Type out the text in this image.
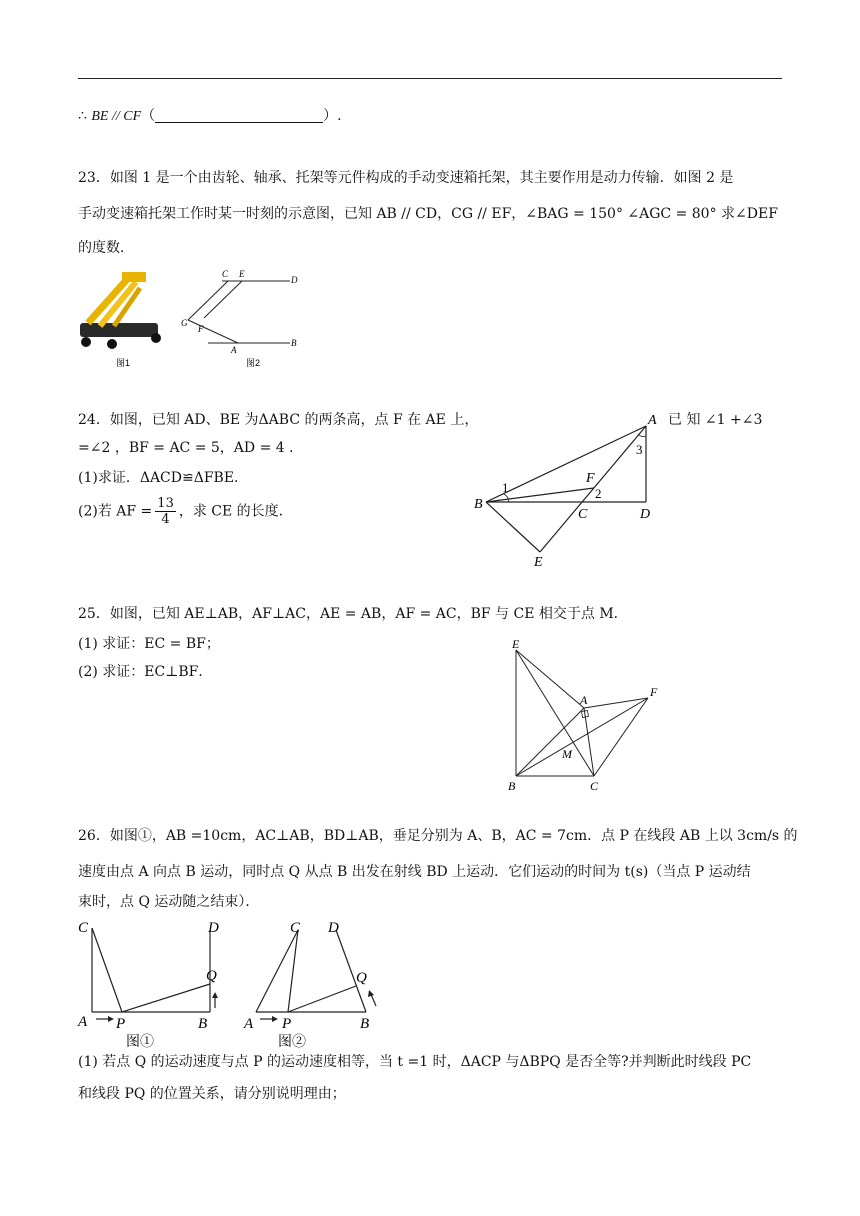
∴ BE // CF（	）.
23．如图 1 是一个由齿轮、轴承、托架等元件构成的手动变速箱托架，其主要作用是动力传输．如图 2 是
手动变速箱托架工作时某一时刻的示意图，已知 AB // CD，CG // EF，∠BAG = 150° ∠AGC = 80° 求∠DEF
的度数．
图1
C E
D
G
F
A
B
图2
24．如图，已知 AD、BE 为ΔABC 的两条高，点 F 在 AE 上，	已 知 ∠1 +∠3
=∠2 ，BF = AC = 5，AD = 4 ．
(1)求证．ΔACD≌ΔFBE．
(2)若 AF = $\frac{13}{4}$ ，求 CE 的长度．
A
B
C	D
E
F
1	2
3
25．如图，已知 AE⊥AB，AF⊥AC，AE = AB，AF = AC，BF 与 CE 相交于点 M．
(1) 求证：EC = BF；
(2) 求证：EC⊥BF．
E
A
F
M
B	C
26．如图①，AB =10cm，AC⊥AB，BD⊥AB，垂足分别为 A、B，AC = 7cm．点 P 在线段 AB 上以 3cm/s 的
速度由点 A 向点 B 运动，同时点 Q 从点 B 出发在射线 BD 上运动．它们运动的时间为 t(s)（当点 P 运动结
束时，点 Q 运动随之结束）．
C	D
Q
A P	B
图①
C D
Q
A P	B
图②
(1) 若点 Q 的运动速度与点 P 的运动速度相等，当 t =1 时，ΔACP 与ΔBPQ 是否全等?并判断此时线段 PC
和线段 PQ 的位置关系，请分别说明理由；
